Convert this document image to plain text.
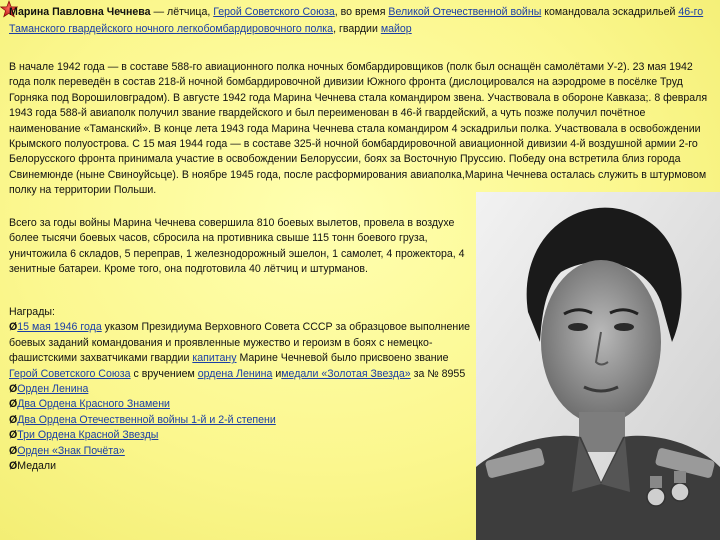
Марина Павловна Чечнева — лётчица, Герой Советского Союза, во время Великой Отечественной войны командовала эскадрильей 46-го Таманского гвардейского ночного легкобомбардировочного полка, гвардии майор
В начале 1942 года — в составе 588-го авиационного полка ночных бомбардировщиков (полк был оснащён самолётами У-2). 23 мая 1942 года полк переведён в состав 218-й ночной бомбардировочной дивизии Южного фронта (дислоцировался на аэродроме в посёлке Труд Горняка под Ворошиловградом). В августе 1942 года Марина Чечнева стала командиром звена. Участвовала в обороне Кавказа;. 8 февраля 1943 года 588-й авиаполк получил звание гвардейского и был переименован в 46-й гвардейский, а чуть позже получил почётное наименование «Таманский». В конце лета 1943 года Марина Чечнева стала командиром 4 эскадрильи полка. Участвовала в освобождении Крымского полуострова. С 15 мая 1944 года — в составе 325-й ночной бомбардировочной авиационной дивизии 4-й воздушной армии 2-го Белорусского фронта принимала участие в освобождении Белоруссии, боях за Восточную Пруссию. Победу она встретила близ города Свинемюнде (ныне Свиноуйсьце). В ноябре 1945 года, после расформирования авиаполка,Марина Чечнева осталась служить в штурмовом полку на территории Польши.
Всего за годы войны Марина Чечнева совершила 810 боевых вылетов, провела в воздухе более тысячи боевых часов, сбросила на противника свыше 115 тонн боевого груза, уничтожила 6 складов, 5 переправ, 1 железнодорожный эшелон, 1 самолет, 4 прожектора, 4 зенитные батареи. Кроме того, она подготовила 40 лётчиц и штурманов.
Награды:
Ø15 мая 1946 года указом Президиума Верховного Совета СССР за образцовое выполнение боевых заданий командования и проявленные мужество и героизм в боях с немецко-фашистскими захватчиками гвардии капитану Марине Чечневой было присвоено звание Герой Советского Союза с вручением ордена Ленина имедали «Золотая Звезда» за № 8955
ØОрден Ленина
ØДва Ордена Красного Знамени
ØДва Ордена Отечественной войны 1-й и 2-й степени
ØТри Ордена Красной Звезды
ØОрден «Знак Почёта»
ØМедали
